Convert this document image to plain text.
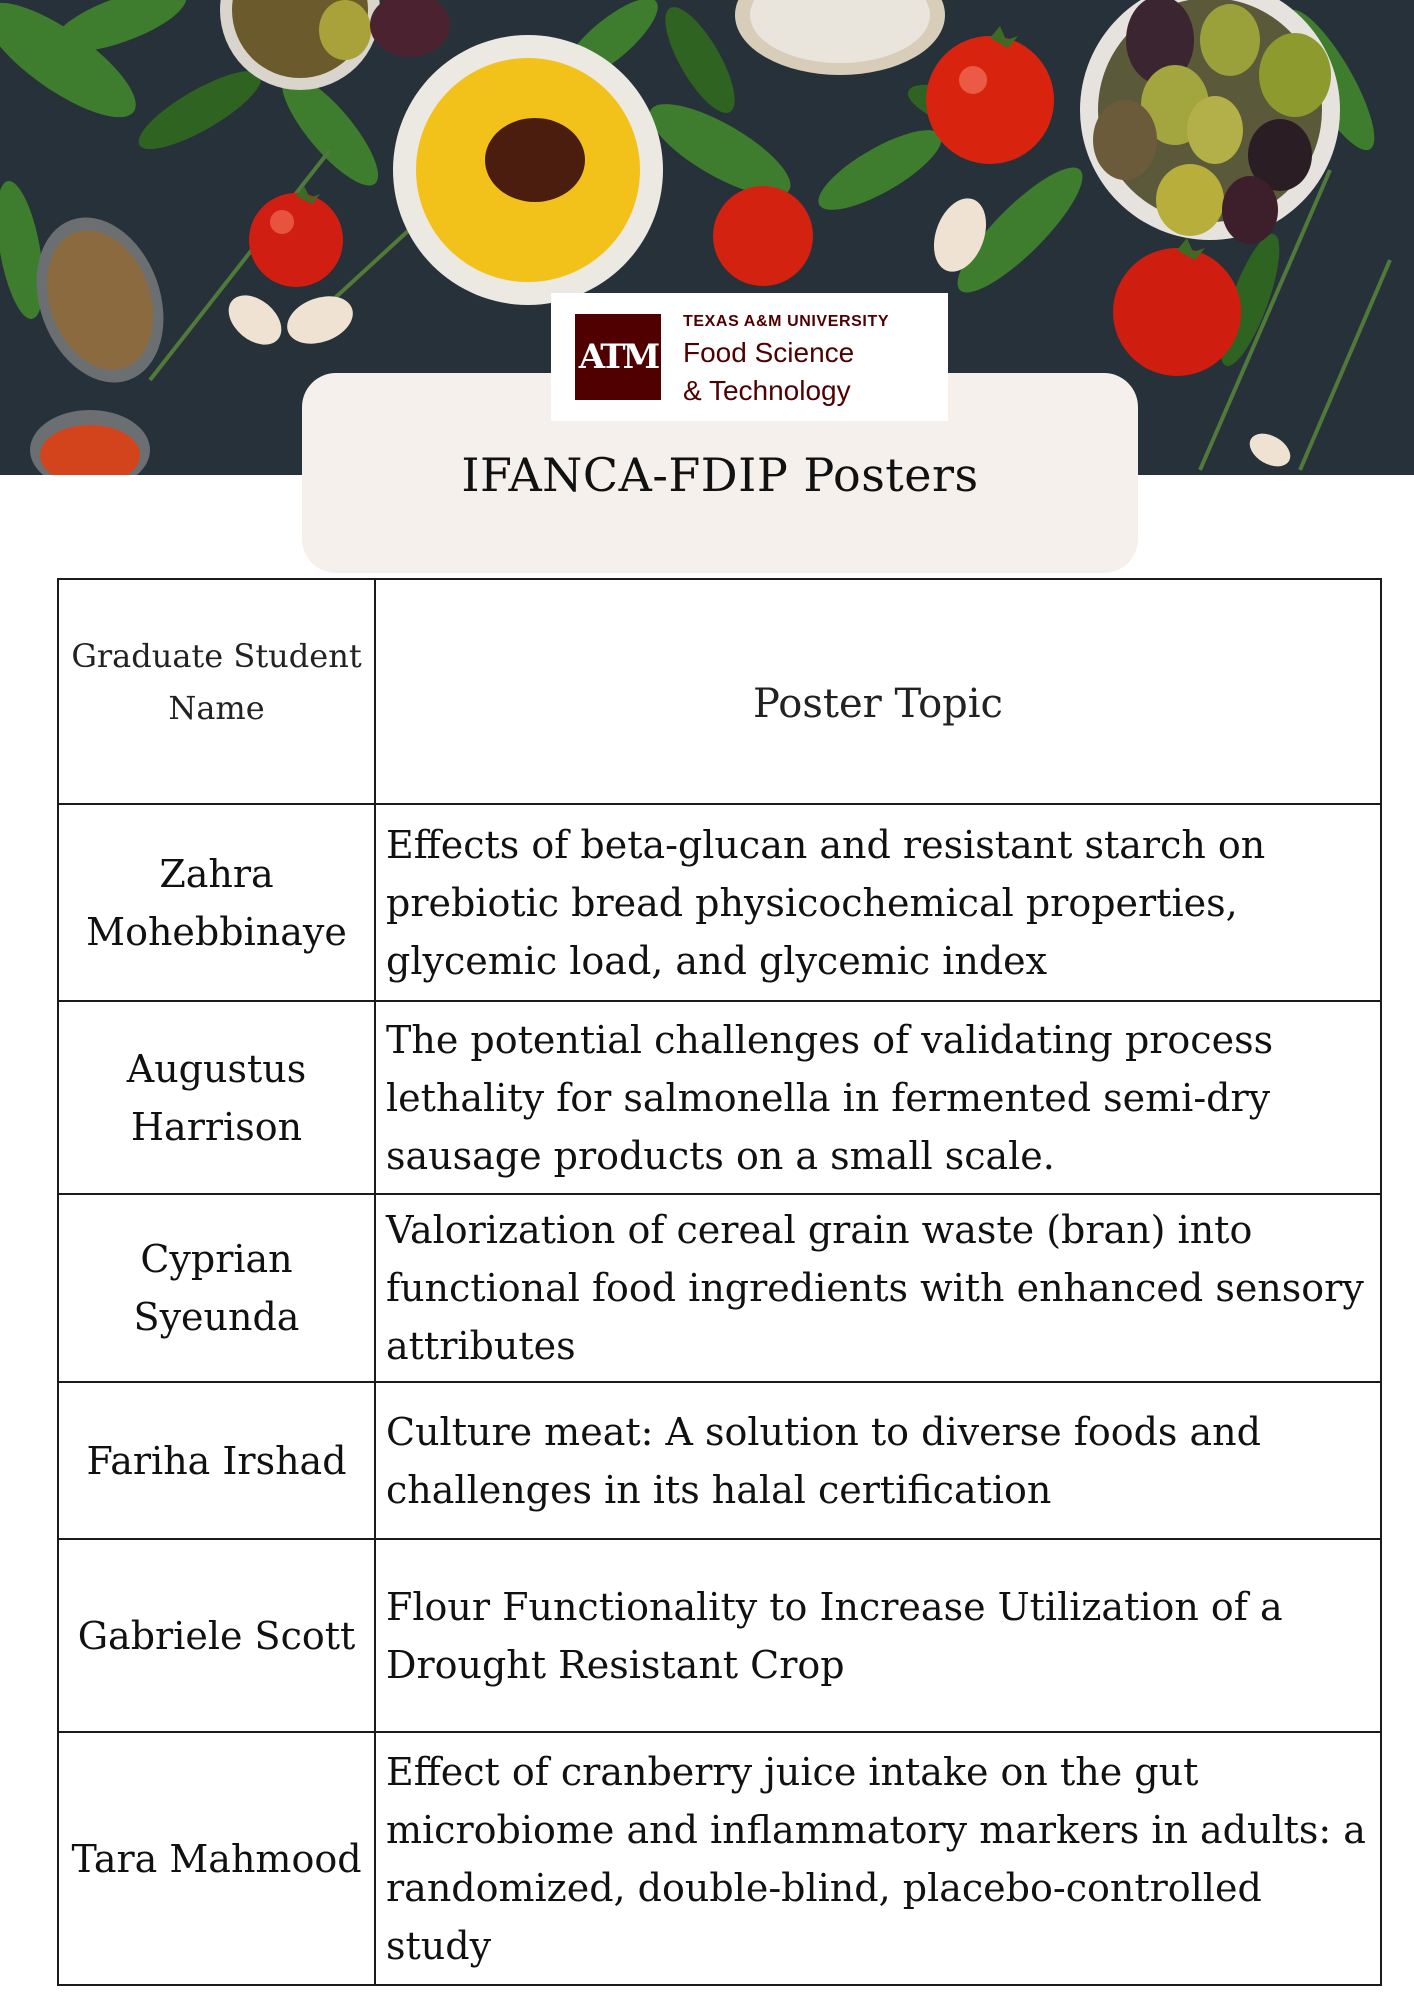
ATM
TEXAS A&M UNIVERSITY
Food Science
& Technology
IFANCA-FDIP Posters
Graduate Student Name	Poster Topic
Zahra Mohebbinaye	Effects of beta-glucan and resistant starch on prebiotic bread physicochemical properties, glycemic load, and glycemic index
Augustus Harrison	The potential challenges of validating process lethality for salmonella in fermented semi-dry sausage products on a small scale.
Cyprian Syeunda	Valorization of cereal grain waste (bran) into functional food ingredients with enhanced sensory attributes
Fariha Irshad	Culture meat: A solution to diverse foods and challenges in its halal certification
Gabriele Scott	Flour Functionality to Increase Utilization of a Drought Resistant Crop
Tara Mahmood	Effect of cranberry juice intake on the gut microbiome and inflammatory markers in adults: a randomized, double-blind, placebo-controlled study
